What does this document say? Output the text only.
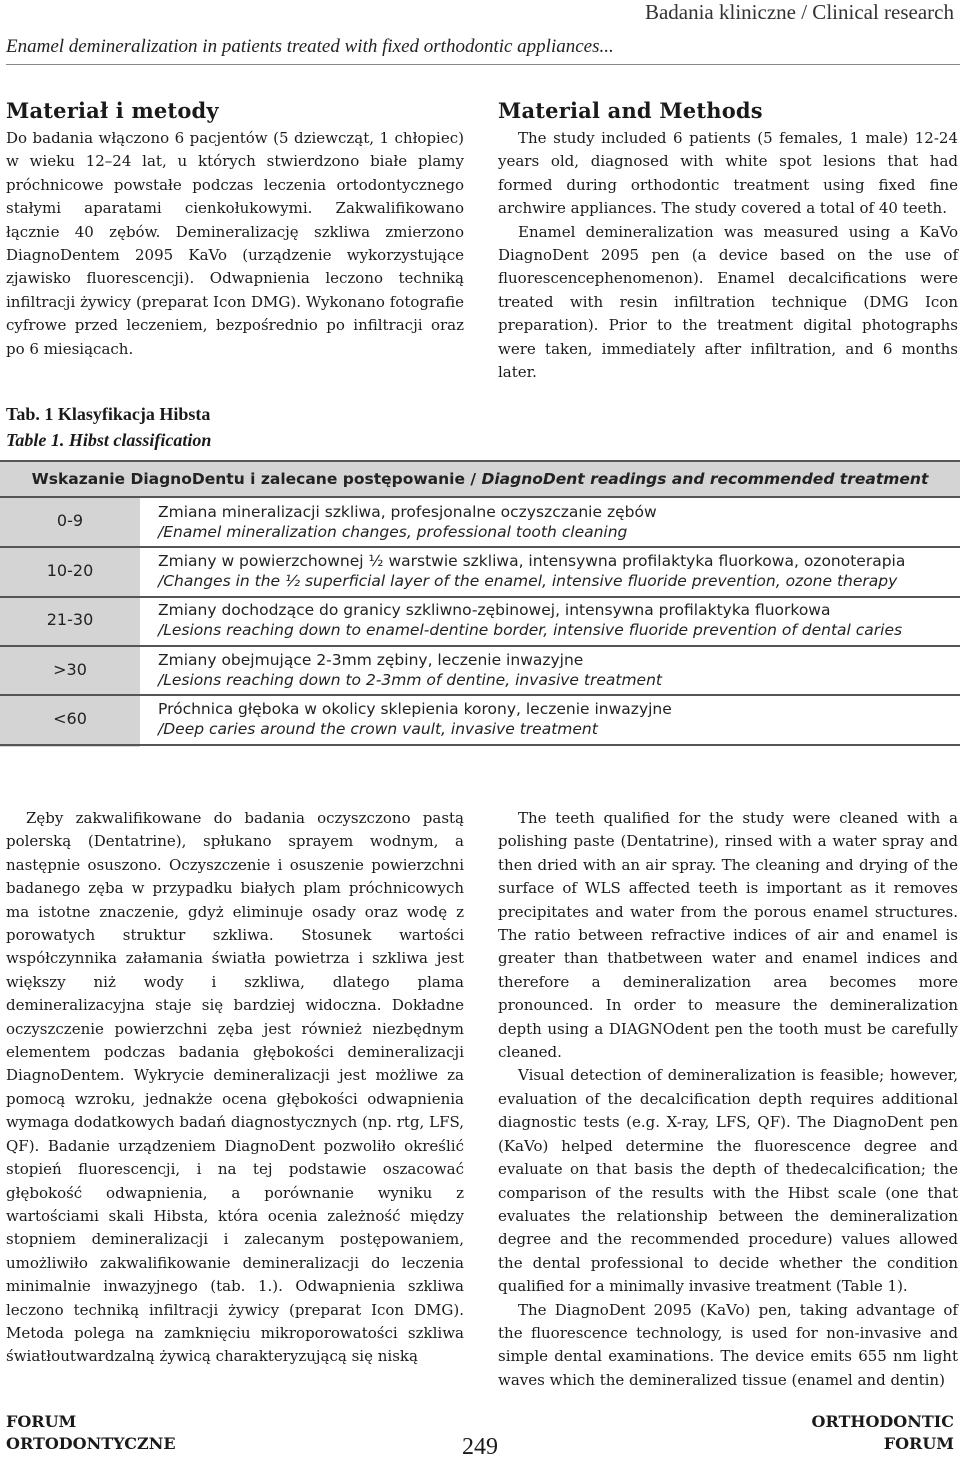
Badania kliniczne / Clinical research
Enamel demineralization in patients treated with fixed orthodontic appliances...
Materiał i metody

Do badania włączono 6 pacjentów (5 dziewcząt, 1 chłopiec) w wieku 12–24 lat, u których stwierdzono białe plamy próchnicowe powstałe podczas leczenia ortodontycznego stałymi aparatami cienkołukowymi. Zakwalifikowano łącznie 40 zębów. Demineralizację szkliwa zmierzono DiagnoDentem 2095 KaVo (urządzenie wykorzystujące zjawisko fluorescencji). Odwapnienia leczono techniką infiltracji żywicy (preparat Icon DMG). Wykonano fotografie cyfrowe przed leczeniem, bezpośrednio po infiltracji oraz po 6 miesiącach.

Material and Methods

The study included 6 patients (5 females, 1 male) 12-24 years old, diagnosed with white spot lesions that had formed during orthodontic treatment using fixed fine archwire appliances. The study covered a total of 40 teeth.

Enamel demineralization was measured using a KaVo DiagnoDent 2095 pen (a device based on the use of fluorescencephenomenon). Enamel decalcifications were treated with resin infiltration technique (DMG Icon preparation). Prior to the treatment digital photographs were taken, immediately after infiltration, and 6 months later.

Tab. 1 Klasyfikacja Hibsta
Table 1. Hibst classification
Wskazanie DiagnoDentu i zalecane postępowanie / DiagnoDent readings and recommended treatment
0-9	Zmiana mineralizacji szkliwa, profesjonalne oczyszczanie zębów
/Enamel mineralization changes, professional tooth cleaning
10-20	Zmiany w powierzchownej ½ warstwie szkliwa, intensywna profilaktyka fluorkowa, ozonoterapia
/Changes in the ½ superficial layer of the enamel, intensive fluoride prevention, ozone therapy
21-30	Zmiany dochodzące do granicy szkliwno-zębinowej, intensywna profilaktyka fluorkowa
/Lesions reaching down to enamel-dentine border, intensive fluoride prevention of dental caries
>30	Zmiany obejmujące 2-3mm zębiny, leczenie inwazyjne
/Lesions reaching down to 2-3mm of dentine, invasive treatment
<60	Próchnica głęboka w okolicy sklepienia korony, leczenie inwazyjne
/Deep caries around the crown vault, invasive treatment

Zęby zakwalifikowane do badania oczyszczono pastą polerską (Dentatrine), spłukano sprayem wodnym, a następnie osuszono. Oczyszczenie i osuszenie powierzchni badanego zęba w przypadku białych plam próchnicowych ma istotne znaczenie, gdyż eliminuje osady oraz wodę z porowatych struktur szkliwa. Stosunek wartości współczynnika załamania światła powietrza i szkliwa jest większy niż wody i szkliwa, dlatego plama demineralizacyjna staje się bardziej widoczna. Dokładne oczyszczenie powierzchni zęba jest również niezbędnym elementem podczas badania głębokości demineralizacji DiagnoDentem. Wykrycie demineralizacji jest możliwe za pomocą wzroku, jednakże ocena głębokości odwapnienia wymaga dodatkowych badań diagnostycznych (np. rtg, LFS, QF). Badanie urządzeniem DiagnoDent pozwoliło określić stopień fluorescencji, i na tej podstawie oszacować głębokość odwapnienia, a porównanie wyniku z wartościami skali Hibsta, która ocenia zależność między stopniem demineralizacji i zalecanym postępowaniem, umożliwiło zakwalifikowanie demineralizacji do leczenia minimalnie inwazyjnego (tab. 1.). Odwapnienia szkliwa leczono techniką infiltracji żywicy (preparat Icon DMG). Metoda polega na zamknięciu mikroporowatości szkliwa światłoutwardzalną żywicą charakteryzującą się niską

The teeth qualified for the study were cleaned with a polishing paste (Dentatrine), rinsed with a water spray and then dried with an air spray. The cleaning and drying of the surface of WLS affected teeth is important as it removes precipitates and water from the porous enamel structures. The ratio between refractive indices of air and enamel is greater than thatbetween water and enamel indices and therefore a demineralization area becomes more pronounced. In order to measure the demineralization depth using a DIAGNOdent pen the tooth must be carefully cleaned.

Visual detection of demineralization is feasible; however, evaluation of the decalcification depth requires additional diagnostic tests (e.g. X-ray, LFS, QF). The DiagnoDent pen (KaVo) helped determine the fluorescence degree and evaluate on that basis the depth of thedecalcification; the comparison of the results with the Hibst scale (one that evaluates the relationship between the demineralization degree and the recommended procedure) values allowed the dental professional to decide whether the condition qualified for a minimally invasive treatment (Table 1).

The DiagnoDent 2095 (KaVo) pen, taking advantage of the fluorescence technology, is used for non-invasive and simple dental examinations. The device emits 655 nm light waves which the demineralized tissue (enamel and dentin)

FORUM
ORTODONTYCZNE	249
ORTHODONTIC
FORUM
